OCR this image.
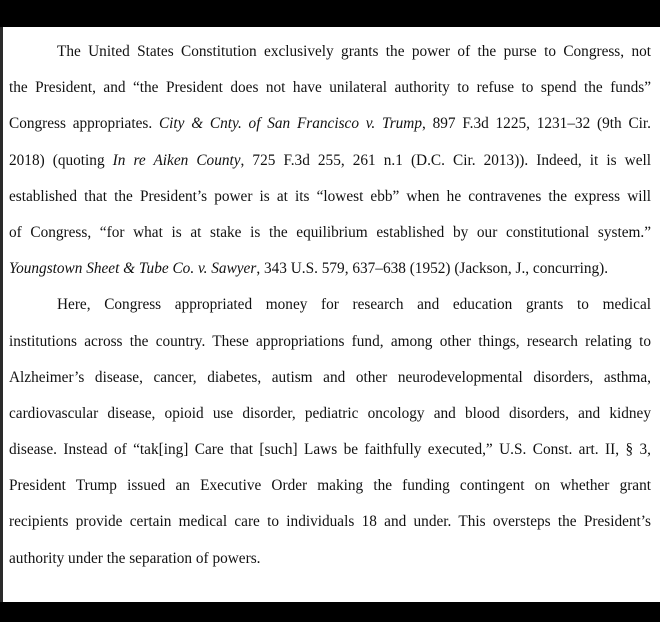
The United States Constitution exclusively grants the power of the purse to Congress, not
the President, and “the President does not have unilateral authority to refuse to spend the funds”
Congress appropriates. City & Cnty. of San Francisco v. Trump, 897 F.3d 1225, 1231–32 (9th Cir.
2018) (quoting In re Aiken County, 725 F.3d 255, 261 n.1 (D.C. Cir. 2013)). Indeed, it is well
established that the President’s power is at its “lowest ebb” when he contravenes the express will
of Congress, “for what is at stake is the equilibrium established by our constitutional system.”
Youngstown Sheet & Tube Co. v. Sawyer, 343 U.S. 579, 637–638 (1952) (Jackson, J., concurring).
Here, Congress appropriated money for research and education grants to medical
institutions across the country. These appropriations fund, among other things, research relating to
Alzheimer’s disease, cancer, diabetes, autism and other neurodevelopmental disorders, asthma,
cardiovascular disease, opioid use disorder, pediatric oncology and blood disorders, and kidney
disease. Instead of “tak[ing] Care that [such] Laws be faithfully executed,” U.S. Const. art. II, § 3,
President Trump issued an Executive Order making the funding contingent on whether grant
recipients provide certain medical care to individuals 18 and under. This oversteps the President’s
authority under the separation of powers.
